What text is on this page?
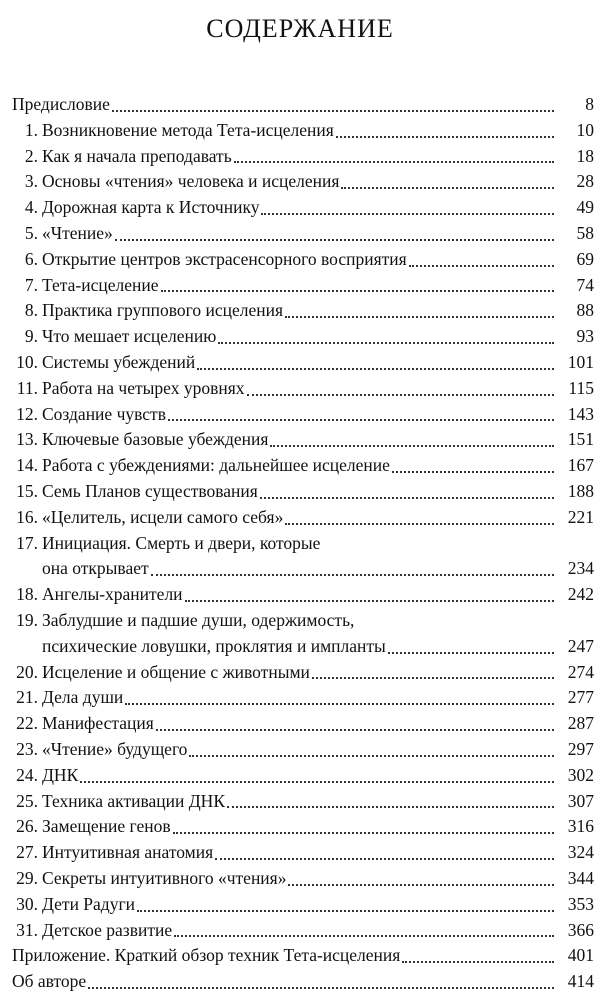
СОДЕРЖАНИЕ
Предисловие	8
1. Возникновение метода Тета-исцеления	10
2. Как я начала преподавать	18
3. Основы «чтения» человека и исцеления	28
4. Дорожная карта к Источнику	49
5. «Чтение»	58
6. Открытие центров экстрасенсорного восприятия	69
7. Тета-исцеление	74
8. Практика группового исцеления	88
9. Что мешает исцелению	93
10. Системы убеждений	101
11. Работа на четырех уровнях	115
12. Создание чувств	143
13. Ключевые базовые убеждения	151
14. Работа с убеждениями: дальнейшее исцеление	167
15. Семь Планов существования	188
16. «Целитель, исцели самого себя»	221
17. Инициация. Смерть и двери, которые
она открывает	234
18. Ангелы-хранители	242
19. Заблудшие и падшие души, одержимость,
психические ловушки, проклятия и импланты	247
20. Исцеление и общение с животными	274
21. Дела души	277
22. Манифестация	287
23. «Чтение» будущего	297
24. ДНК	302
25. Техника активации ДНК	307
26. Замещение генов	316
27. Интуитивная анатомия	324
29. Секреты интуитивного «чтения»	344
30. Дети Радуги	353
31. Детское развитие	366
Приложение. Краткий обзор техник Тета-исцеления	401
Об авторе	414
